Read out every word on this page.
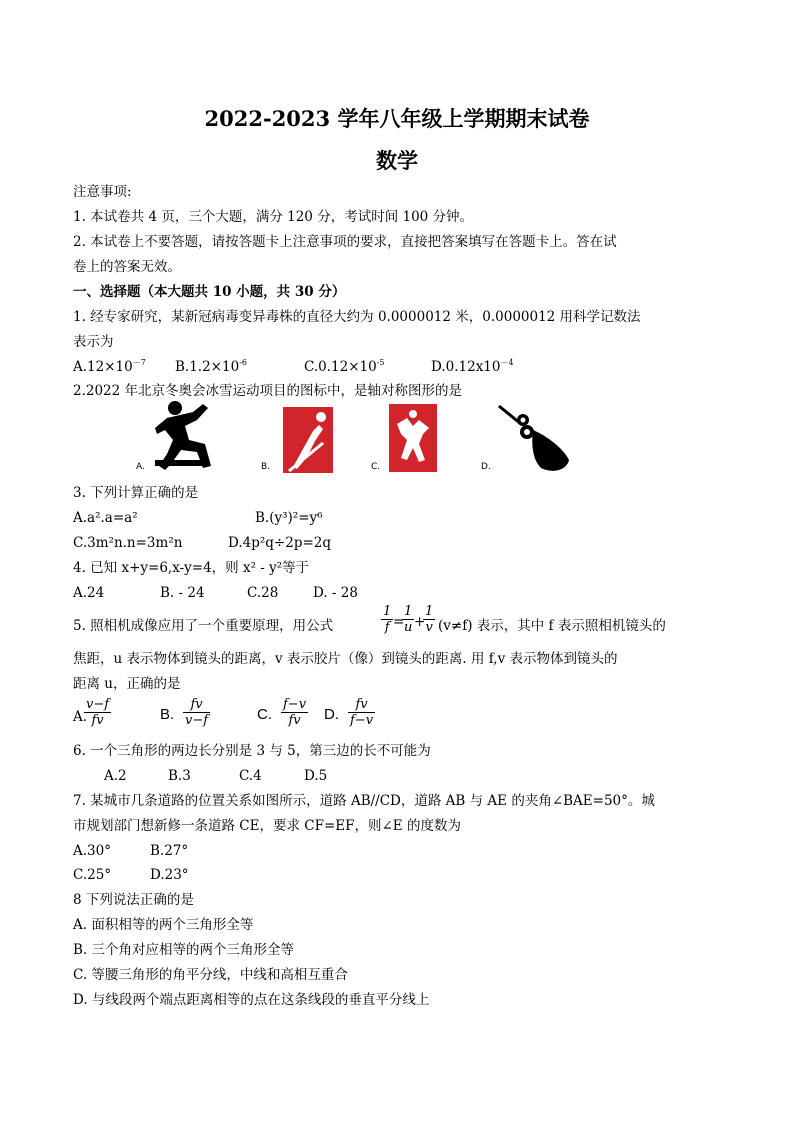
2022-2023 学年八年级上学期期末试卷
数学
注意事项:
1. 本试卷共 4 页，三个大题，满分 120 分，考试时间 100 分钟。
2. 本试卷上不要答题，请按答题卡上注意事项的要求，直接把答案填写在答题卡上。答在试
卷上的答案无效。
一、选择题（本大题共 10 小题，共 30 分）
1. 经专家研究，某新冠病毒变异毒株的直径大约为 0.0000012 米，0.0000012 用科学记数法
表示为
$A.12\times 10^{-7}$ $B.1.2\times 10^{-6}$	$C.0.12\times 10^{-5}$	$D.0.12x10^{-4}$
2.2022 年北京冬奥会冰雪运动项目的图标中，是轴对称图形的是
A.	B.	C.	D.
3. 下列计算正确的是
A.a².a=a²	B.(y³)²=y⁶
C.3m²n.n=3m²n	D.4p²q÷2p=2q
4. 已知 x+y=6,x-y=4，则 x² - y²等于
A.24	B. - 24	C.28	D. - 28
5. 照相机成像应用了一个重要原理，用公式	$\frac{1}{f}$ =
$\frac{1}{u}$ +
$\frac{1}{v} (v\ne f)$ 表示，其中 f 表示照相机镜头的
焦距，u 表示物体到镜头的距离，v 表示胶片（像）到镜头的距离. 用 f,v 表示物体到镜头的
距离 u，正确的是
A.
$\frac{v-f}{fv}$	B. $\frac{fv}{v-f}$	C. $\frac{f-v}{fv} D$. $\frac{fv}{f-v}$
6. 一个三角形的两边长分别是 3 与 5，第三边的长不可能为
A.2	B.3	C.4	D.5
7. 某城市几条道路的位置关系如图所示，道路 AB//CD，道路 AB 与 AE 的夹角∠BAE=50°。城
市规划部门想新修一条道路 CE，要求 CF=EF，则∠E 的度数为
A.30°	B.27°
C.25°	D.23°
8 下列说法正确的是
A. 面积相等的两个三角形全等
B. 三个角对应相等的两个三角形全等
C. 等腰三角形的角平分线，中线和高相互重合
D. 与线段两个端点距离相等的点在这条线段的垂直平分线上
